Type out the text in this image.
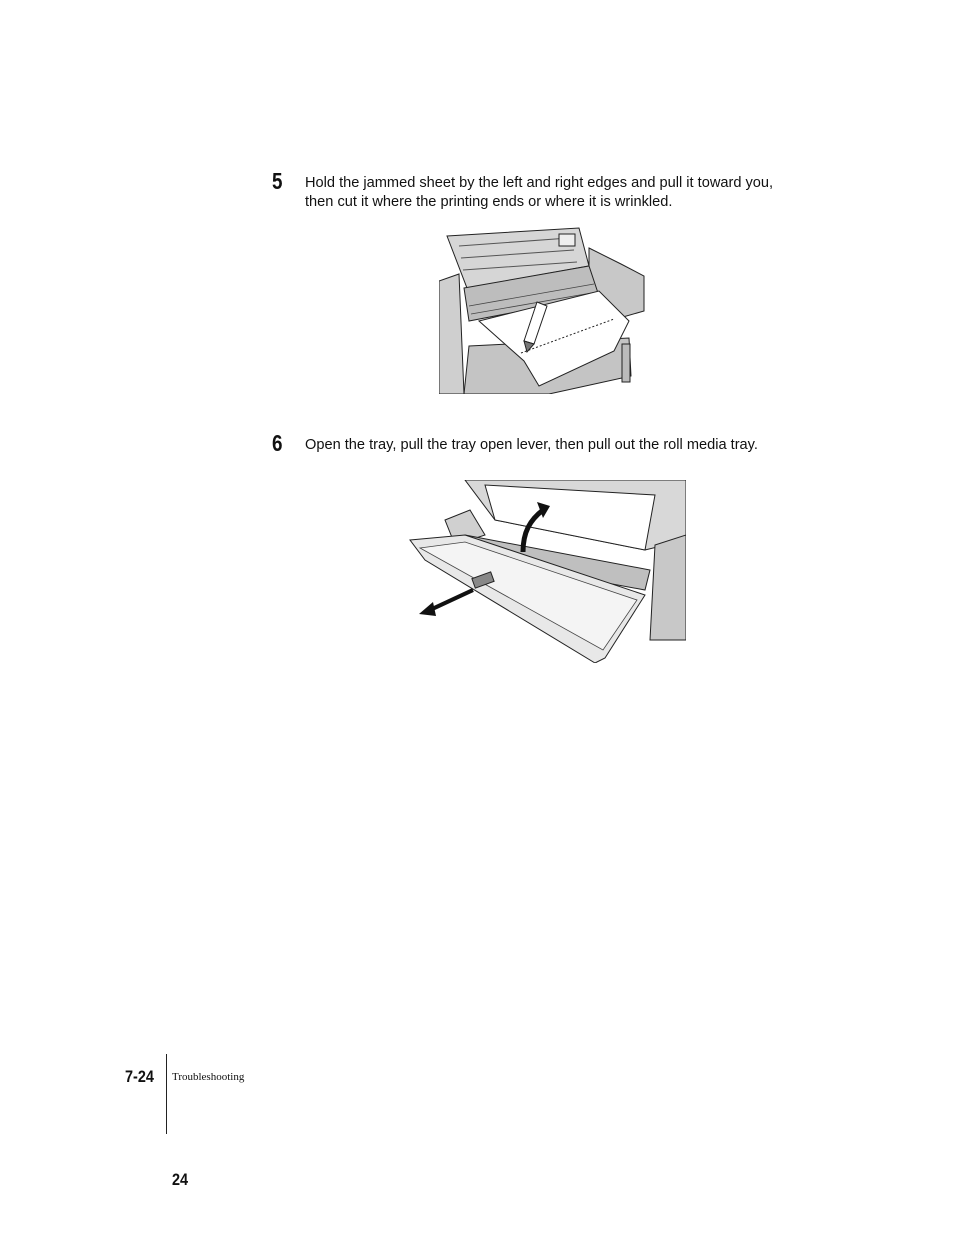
5 Hold the jammed sheet by the left and right edges and pull it toward you, then cut it where the printing ends or where it is wrinkled.
6 Open the tray, pull the tray open lever, then pull out the roll media tray.
7-24 Troubleshooting
24
